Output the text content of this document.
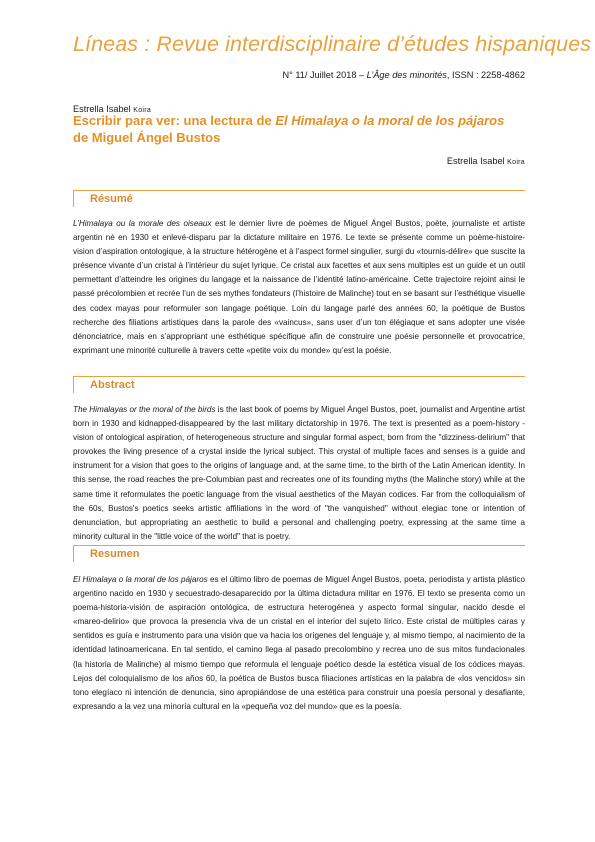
Líneas : Revue interdisciplinaire d’études hispaniques
N° 11/ Juillet 2018 – L’Âge des minorités, ISSN : 2258-4862
Estrella Isabel Koira
Escribir para ver: una lectura de El Himalaya o la moral de los pájaros de Miguel Ángel Bustos
Estrella Isabel Koira
Résumé

L’Himalaya ou la morale des oiseaux est le dernier livre de poèmes de Miguel Ángel Bustos, poète, journaliste et artiste argentin né en 1930 et enlevé-disparu par la dictature militaire en 1976. Le texte se présente comme un poème-histoire-vision d’aspiration ontologique, à la structure hétérogène et à l’aspect formel singulier, surgi du «tournis-délire» que suscite la présence vivante d’un cristal à l’intérieur du sujet lyrique. Ce cristal aux facettes et aux sens multiples est un guide et un outil permettant d’atteindre les origines du langage et la naissance de l’identité latino-américaine. Cette trajectoire rejoint ainsi le passé précolombien et recrée l’un de ses mythes fondateurs (l’histoire de Malinche) tout en se basant sur l’esthétique visuelle des codex mayas pour reformuler son langage poétique. Loin du langage parlé des années 60, la poétique de Bustos recherche des filiations artistiques dans la parole des «vaincus», sans user d’un ton élégiaque et sans adopter une visée dénonciatrice, mais en s’appropriant une esthétique spécifique afin de construire une poésie personnelle et provocatrice, exprimant une minorité culturelle à travers cette «petite voix du monde» qu’est la poésie.

Abstract

The Himalayas or the moral of the birds is the last book of poems by Miguel Ángel Bustos, poet, journalist and Argentine artist born in 1930 and kidnapped-disappeared by the last military dictatorship in 1976. The text is presented as a poem-history -vision of ontological aspiration, of heterogeneous structure and singular formal aspect, born from the "dizziness-delirium" that provokes the living presence of a crystal inside the lyrical subject. This crystal of multiple faces and senses is a guide and instrument for a vision that goes to the origins of language and, at the same time, to the birth of the Latin American identity. In this sense, the road reaches the pre-Columbian past and recreates one of its founding myths (the Malinche story) while at the same time it reformulates the poetic language from the visual aesthetics of the Mayan codices. Far from the colloquialism of the 60s, Bustos's poetics seeks artistic affiliations in the word of "the vanquished" without elegiac tone or intention of denunciation, but appropriating an aesthetic to build a personal and challenging poetry, expressing at the same time a minority cultural in the "little voice of the world" that is poetry.

Resumen

El Himalaya o la moral de los pájaros es el último libro de poemas de Miguel Ángel Bustos, poeta, periodista y artista plástico argentino nacido en 1930 y secuestrado-desaparecido por la última dictadura militar en 1976. El texto se presenta como un poema-historia-visión de aspiración ontológica, de estructura heterogénea y aspecto formal singular, nacido desde el «mareo-delirio» que provoca la presencia viva de un cristal en el interior del sujeto lírico. Este cristal de múltiples caras y sentidos es guía e instrumento para una visión que va hacia los orígenes del lenguaje y, al mismo tiempo, al nacimiento de la identidad latinoamericana. En tal sentido, el camino llega al pasado precolombino y recrea uno de sus mitos fundacionales (la historia de Malinche) al mismo tiempo que reformula el lenguaje poético desde la estética visual de los códices mayas. Lejos del coloquialismo de los años 60, la poética de Bustos busca filiaciones artísticas en la palabra de «los vencidos» sin tono elegíaco ni intención de denuncia, sino apropiándose de una estética para construir una poesía personal y desafiante, expresando a la vez una minoría cultural en la «pequeña voz del mundo» que es la poesía.
